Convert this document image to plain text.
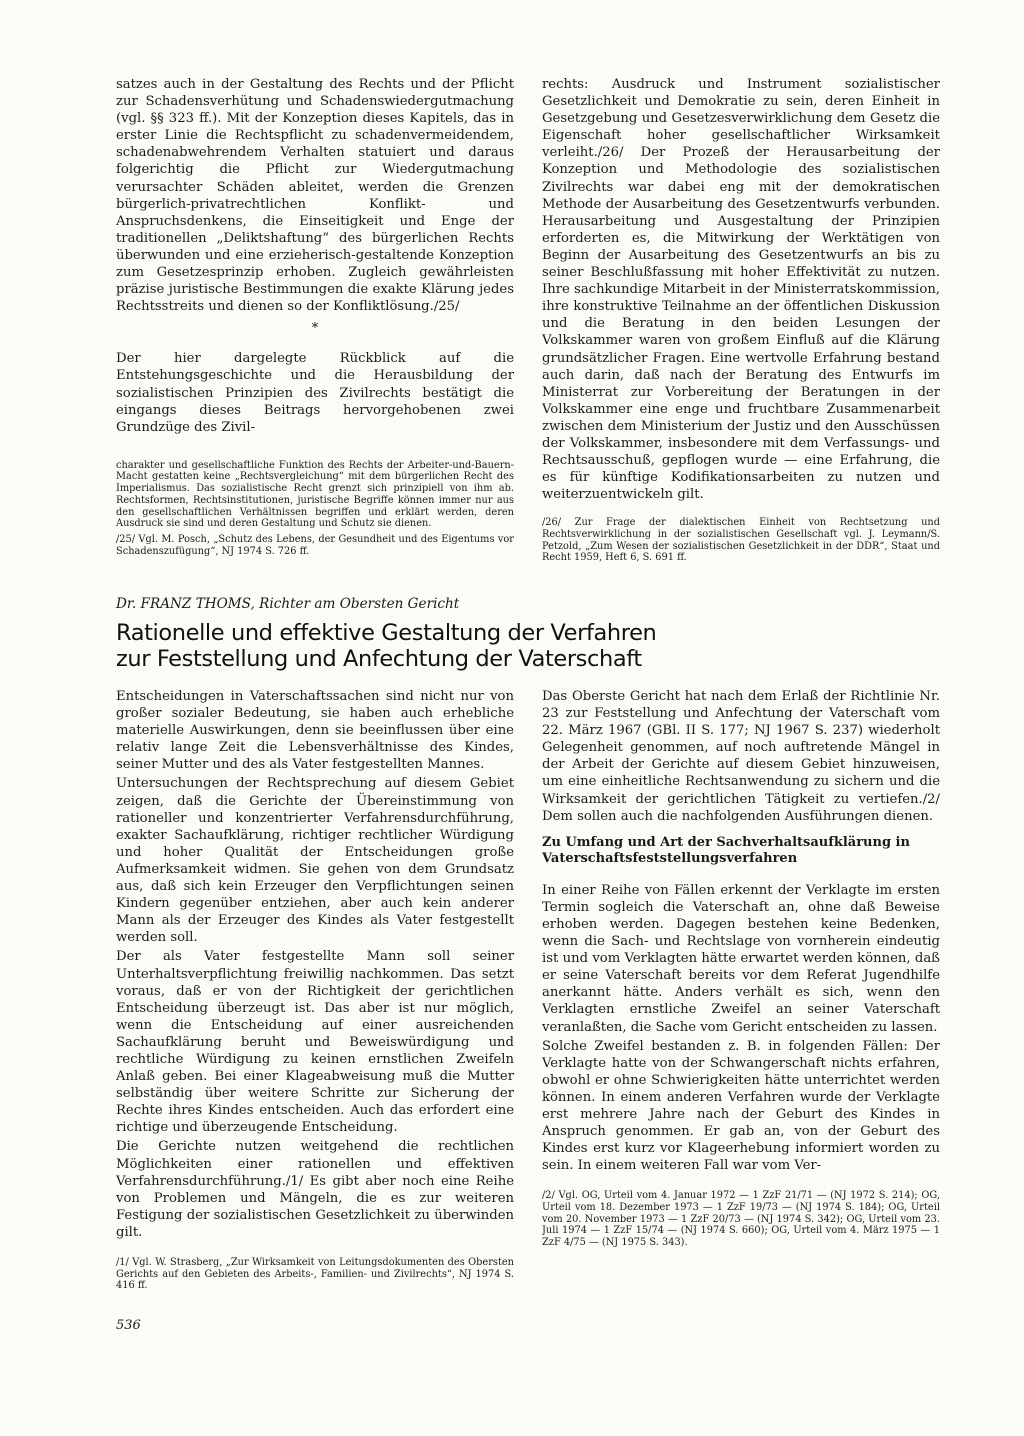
satzes auch in der Gestaltung des Rechts und der Pflicht zur Schadensverhütung und Schadenswiedergutmachung (vgl. §§ 323 ff.). Mit der Konzeption dieses Kapitels, das in erster Linie die Rechtspflicht zu schadenvermeidendem, schadenabwehrendem Verhalten statuiert und daraus folgerichtig die Pflicht zur Wiedergutmachung verursachter Schäden ableitet, werden die Grenzen bürgerlich-privatrechtlichen Konflikt- und Anspruchsdenkens, die Einseitigkeit und Enge der traditionellen „Deliktshaftung“ des bürgerlichen Rechts überwunden und eine erzieherisch-gestaltende Konzeption zum Gesetzesprinzip erhoben. Zugleich gewährleisten präzise juristische Bestimmungen die exakte Klärung jedes Rechtsstreits und dienen so der Konfliktlösung./25/

*

Der hier dargelegte Rückblick auf die Entstehungsgeschichte und die Herausbildung der sozialistischen Prinzipien des Zivilrechts bestätigt die eingangs dieses Beitrags hervorgehobenen zwei Grundzüge des Zivil-

charakter und gesellschaftliche Funktion des Rechts der Arbeiter-und-Bauern-Macht gestatten keine „Rechtsvergleichung“ mit dem bürgerlichen Recht des Imperialismus. Das sozialistische Recht grenzt sich prinzipiell von ihm ab. Rechtsformen, Rechtsinstitutionen, juristische Begriffe können immer nur aus den gesellschaftlichen Verhältnissen begriffen und erklärt werden, deren Ausdruck sie sind und deren Gestaltung und Schutz sie dienen.

/25/ Vgl. M. Posch, „Schutz des Lebens, der Gesundheit und des Eigentums vor Schadenszufügung“, NJ 1974 S. 726 ff.

rechts: Ausdruck und Instrument sozialistischer Gesetzlichkeit und Demokratie zu sein, deren Einheit in Gesetzgebung und Gesetzesverwirklichung dem Gesetz die Eigenschaft hoher gesellschaftlicher Wirksamkeit verleiht./26/ Der Prozeß der Herausarbeitung der Konzeption und Methodologie des sozialistischen Zivilrechts war dabei eng mit der demokratischen Methode der Ausarbeitung des Gesetzentwurfs verbunden. Herausarbeitung und Ausgestaltung der Prinzipien erforderten es, die Mitwirkung der Werktätigen von Beginn der Ausarbeitung des Gesetzentwurfs an bis zu seiner Beschlußfassung mit hoher Effektivität zu nutzen. Ihre sachkundige Mitarbeit in der Ministerratskommission, ihre konstruktive Teilnahme an der öffentlichen Diskussion und die Beratung in den beiden Lesungen der Volkskammer waren von großem Einfluß auf die Klärung grundsätzlicher Fragen. Eine wertvolle Erfahrung bestand auch darin, daß nach der Beratung des Entwurfs im Ministerrat zur Vorbereitung der Beratungen in der Volkskammer eine enge und fruchtbare Zusammenarbeit zwischen dem Ministerium der Justiz und den Ausschüssen der Volkskammer, insbesondere mit dem Verfassungs- und Rechtsausschuß, gepflogen wurde — eine Erfahrung, die es für künftige Kodifikationsarbeiten zu nutzen und weiterzuentwickeln gilt.

/26/ Zur Frage der dialektischen Einheit von Rechtsetzung und Rechtsverwirklichung in der sozialistischen Gesellschaft vgl. J. Leymann/S. Petzold, „Zum Wesen der sozialistischen Gesetzlichkeit in der DDR“, Staat und Recht 1959, Heft 6, S. 691 ff.

Dr. FRANZ THOMS, Richter am Obersten Gericht
Rationelle und effektive Gestaltung der Verfahren
zur Feststellung und Anfechtung der Vaterschaft

Entscheidungen in Vaterschaftssachen sind nicht nur von großer sozialer Bedeutung, sie haben auch erhebliche materielle Auswirkungen, denn sie beeinflussen über eine relativ lange Zeit die Lebensverhältnisse des Kindes, seiner Mutter und des als Vater festgestellten Mannes.

Untersuchungen der Rechtsprechung auf diesem Gebiet zeigen, daß die Gerichte der Übereinstimmung von rationeller und konzentrierter Verfahrensdurchführung, exakter Sachaufklärung, richtiger rechtlicher Würdigung und hoher Qualität der Entscheidungen große Aufmerksamkeit widmen. Sie gehen von dem Grundsatz aus, daß sich kein Erzeuger den Verpflichtungen seinen Kindern gegenüber entziehen, aber auch kein anderer Mann als der Erzeuger des Kindes als Vater festgestellt werden soll.

Der als Vater festgestellte Mann soll seiner Unterhaltsverpflichtung freiwillig nachkommen. Das setzt voraus, daß er von der Richtigkeit der gerichtlichen Entscheidung überzeugt ist. Das aber ist nur möglich, wenn die Entscheidung auf einer ausreichenden Sachaufklärung beruht und Beweiswürdigung und rechtliche Würdigung zu keinen ernstlichen Zweifeln Anlaß geben. Bei einer Klageabweisung muß die Mutter selbständig über weitere Schritte zur Sicherung der Rechte ihres Kindes entscheiden. Auch das erfordert eine richtige und überzeugende Entscheidung.

Die Gerichte nutzen weitgehend die rechtlichen Möglichkeiten einer rationellen und effektiven Verfahrensdurchführung./1/ Es gibt aber noch eine Reihe von Problemen und Mängeln, die es zur weiteren Festigung der sozialistischen Gesetzlichkeit zu überwinden gilt.

/1/ Vgl. W. Strasberg, „Zur Wirksamkeit von Leitungsdokumenten des Obersten Gerichts auf den Gebieten des Arbeits-, Familien- und Zivilrechts“, NJ 1974 S. 416 ff.

Das Oberste Gericht hat nach dem Erlaß der Richtlinie Nr. 23 zur Feststellung und Anfechtung der Vaterschaft vom 22. März 1967 (GBl. II S. 177; NJ 1967 S. 237) wiederholt Gelegenheit genommen, auf noch auftretende Mängel in der Arbeit der Gerichte auf diesem Gebiet hinzuweisen, um eine einheitliche Rechtsanwendung zu sichern und die Wirksamkeit der gerichtlichen Tätigkeit zu vertiefen./2/ Dem sollen auch die nachfolgenden Ausführungen dienen.

Zu Umfang und Art der Sachverhaltsaufklärung in Vaterschaftsfeststellungsverfahren

In einer Reihe von Fällen erkennt der Verklagte im ersten Termin sogleich die Vaterschaft an, ohne daß Beweise erhoben werden. Dagegen bestehen keine Bedenken, wenn die Sach- und Rechtslage von vornherein eindeutig ist und vom Verklagten hätte erwartet werden können, daß er seine Vaterschaft bereits vor dem Referat Jugendhilfe anerkannt hätte. Anders verhält es sich, wenn den Verklagten ernstliche Zweifel an seiner Vaterschaft veranlaßten, die Sache vom Gericht entscheiden zu lassen.

Solche Zweifel bestanden z. B. in folgenden Fällen: Der Verklagte hatte von der Schwangerschaft nichts erfahren, obwohl er ohne Schwierigkeiten hätte unterrichtet werden können. In einem anderen Verfahren wurde der Verklagte erst mehrere Jahre nach der Geburt des Kindes in Anspruch genommen. Er gab an, von der Geburt des Kindes erst kurz vor Klageerhebung informiert worden zu sein. In einem weiteren Fall war vom Ver-

/2/ Vgl. OG, Urteil vom 4. Januar 1972 — 1 ZzF 21/71 — (NJ 1972 S. 214); OG, Urteil vom 18. Dezember 1973 — 1 ZzF 19/73 — (NJ 1974 S. 184); OG, Urteil vom 20. November 1973 — 1 ZzF 20/73 — (NJ 1974 S. 342); OG, Urteil vom 23. Juli 1974 — 1 ZzF 15/74 — (NJ 1974 S. 660); OG, Urteil vom 4. März 1975 — 1 ZzF 4/75 — (NJ 1975 S. 343).

536
